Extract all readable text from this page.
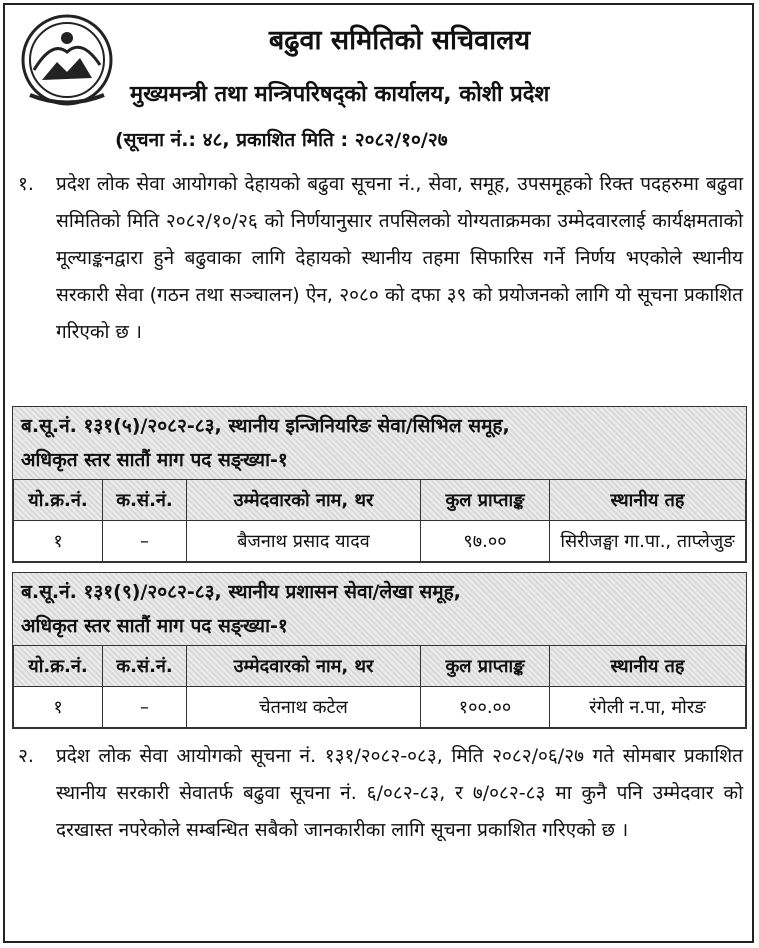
बढुवा समितिको सचिवालय
मुख्यमन्त्री तथा मन्त्रिपरिषद्को कार्यालय, कोशी प्रदेश
(सूचना नं.: ४८, प्रकाशित मिति : २०८२/१०/२७
१.	प्रदेश लोक सेवा आयोगको देहायको बढुवा सूचना नं., सेवा, समूह, उपसमूहको रिक्त पदहरुमा बढुवा समितिको मिति २०८२/१०/२६ को निर्णयानुसार तपसिलको योग्यताक्रमका उम्मेदवारलाई कार्यक्षमताको मूल्याङ्कनद्वारा हुने बढुवाका लागि देहायको स्थानीय तहमा सिफारिस गर्ने निर्णय भएकोले स्थानीय सरकारी सेवा (गठन तथा सञ्चालन) ऐन, २०८० को दफा ३९ को प्रयोजनको लागि यो सूचना प्रकाशित गरिएको छ ।
ब.सू.नं. १३१(५)/२०८२-८३, स्थानीय इन्जिनियरिङ सेवा/सिभिल समूह,
अधिकृत स्तर सातौं माग पद सङ्ख्या-१
यो.क्र.नं.	क.सं.नं.	उम्मेदवारको नाम, थर	कुल प्राप्ताङ्क	स्थानीय तह
१	–	बैजनाथ प्रसाद यादव	९७.००	सिरीजङ्घा गा.पा., ताप्लेजुङ
ब.सू.नं. १३१(९)/२०८२-८३, स्थानीय प्रशासन सेवा/लेखा समूह,
अधिकृत स्तर सातौं माग पद सङ्ख्या-१
यो.क्र.नं.	क.सं.नं.	उम्मेदवारको नाम, थर	कुल प्राप्ताङ्क	स्थानीय तह
१	–	चेतनाथ कटेल	१००.००	रंगेली न.पा, मोरङ
२.	प्रदेश लोक सेवा आयोगको सूचना नं. १३१/२०८२-०८३, मिति २०८२/०६/२७ गते सोमबार प्रकाशित स्थानीय सरकारी सेवातर्फ बढुवा सूचना नं. ६/०८२-८३, र ७/०८२-८३ मा कुनै पनि उम्मेदवार को दरखास्त नपरेकोले सम्बन्धित सबैको जानकारीका लागि सूचना प्रकाशित गरिएको छ ।
